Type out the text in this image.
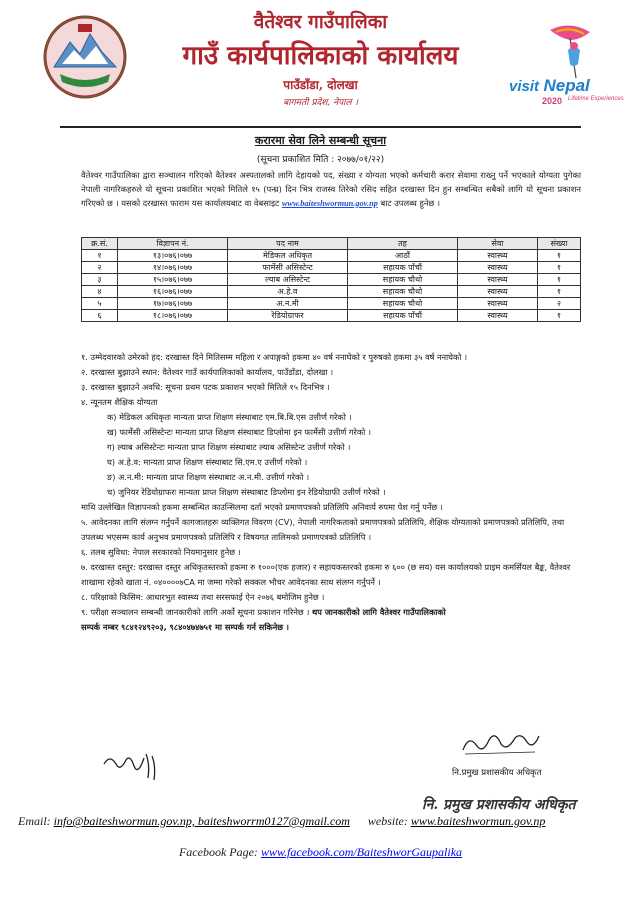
वैतेश्वर गाउँपालिका
गाउँ कार्यपालिकाको कार्यालय
पाउँडाँडा, दोलखा
बागमती प्रदेश, नेपाल ।
visit Nepal
2020 Lifetime Experiences
करारमा सेवा लिने सम्बन्धी सूचना
(सूचना प्रकाशित मिति : २०७७/०१/२२)
वैतेश्वर गाउँपालिका द्वारा सञ्चालन गरिएको वैतेश्वर अस्पतालको लागि देहायको पद, संख्या र योग्यता भएको कर्मचारी करार सेवामा राख्नु पर्ने भएकाले योग्यता पुगेका नेपाली नागरिकहरुले यो सूचना प्रकाशित भएको मितिले १५ (पन्ध्र) दिन भित्र राजस्व तिरेको रसिद सहित दरखास्त दिन हुन सम्बन्धित सबैको लागि यो सूचना प्रकाशन गरिएको छ । यसको दरखास्त फाराम यस कार्यालयबाट वा वेबसाइट www.baiteshwormun.gov.np बाट उपलब्ध हुनेछ ।
क्र.सं.	विज्ञापन नं.	पद नाम	तह	सेवा	संख्या
१	१३।०७६।०७७	मेडिकल अधिकृत	आठौं	स्वास्थ्य	१
२	१४।०७६।०७७	फार्मेसी असिस्टेन्ट	सहायक पाँचौं	स्वास्थ्य	१
३	१५।०७६।०७७	ल्याब असिस्टेन्ट	सहायक चौथो	स्वास्थ्य	१
४	१६।०७६।०७७	अ.हे.व	सहायक चौथो	स्वास्थ्य	१
५	१७।०७६।०७७	अ.न.मी	सहायक चौथो	स्वास्थ्य	२
६	१८।०७६।०७७	रेडियोग्राफर	सहायक पाँचौं	स्वास्थ्य	१

१. उम्मेदवारको उमेरको हद: दरखास्त दिने मितिसम्म महिला र अपाङ्गको हकमा ४० वर्ष ननाघेको र पुरुषको हकमा ३५ वर्ष ननाघेको ।

२. दरखास्त बुझाउने स्थान: वैतेश्वर गाउँ कार्यपालिकाको कार्यालय, पाउँडाँडा, दोलखा ।

३. दरखास्त बुझाउने अवधि: सूचना प्रथम पटक प्रकाशन भएको मितिले १५ दिनभित्र ।

४. न्यूनतम शैक्षिक योग्यता

क) मेडिकल अधिकृतः मान्यता प्राप्त शिक्षण संस्थाबाट एम.बि.बि.एस उत्तीर्ण गरेको ।

ख) फार्मेसी असिस्टेन्टः मान्यता प्राप्त शिक्षण संस्थाबाट डिप्लोमा इन फार्मेसी उत्तीर्ण गरेको ।

ग) ल्याब असिस्टेन्टः मान्यता प्राप्त शिक्षण संस्थाबाट ल्याब असिस्टेन्ट उत्तीर्ण गरेको ।

घ) अ.हे.व: मान्यता प्राप्त शिक्षण संस्थाबाट सि.एम.ए उत्तीर्ण गरेको ।

ङ) अ.न.मी: मान्यता प्राप्त शिक्षण संस्थाबाट अ.न.मी. उत्तीर्ण गरेको ।

च) जुनियर रेडियोग्राफरः मान्यता प्राप्त शिक्षण संस्थाबाट डिप्लोमा इन रेडियोग्राफी उत्तीर्ण गरेको ।

माथि उल्लेखित विज्ञापनको हकमा सम्बन्धित काउन्सिलमा दर्ता भएको प्रमाणपत्रको प्रतिलिपि अनिवार्य रुपमा पेश गर्नु पर्नेछ ।

५. आवेदनका लागि संलग्न गर्नुपर्ने कागजातहरुः व्यक्तिगत विवरण (CV), नेपाली नागरिकताको प्रमाणपत्रको प्रतिलिपि, शैक्षिक योग्यताको प्रमाणपत्रको प्रतिलिपि, तथा उपलब्ध भएसम्म कार्य अनुभव प्रमाणपत्रको प्रतिलिपि र विषयगत तालिमको प्रमाणपत्रको प्रतिलिपि ।

६. तलब सुविधा: नेपाल सरकारको नियमानुसार हुनेछ ।

७. दरखास्त दस्तुर: दरखास्त दस्तुर अधिकृतस्तरको हकमा रु १०००(एक हजार) र सहायकस्तरको हकमा रु ६०० (छ सय) यस कार्यालयको प्राइम कमर्सियल बैङ्क, वैतेश्वर शाखामा रहेको खाता नं. ०४००००७CA मा जम्मा गरेको सक्कल भौचर आवेदनका साथ संलग्न गर्नुपर्ने ।

८. परिक्षाको किसिम: आधारभुत स्वास्थ्य तथा सरसफाई ऐन २०७६ बमोजिम हुनेछ ।

९. परीक्षा सञ्चालन सम्बन्धी जानकारीको लागि अर्को सूचना प्रकाशन गरिनेछ । थप जानकारीको लागि वैतेश्वर गाउँपालिकाको

सम्पर्क नम्बर ९८४१२४९२०३, ९८४०४७४७५१ मा सम्पर्क गर्न सकिनेछ ।

नि.प्रमुख प्रशासकीय अधिकृत
नि. प्रमुख प्रशासकीय अधिकृत
Email: info@baiteshwormun.gov.np, baiteshworrm0127@gmail.com website: www.baiteshwormun.gov.np
Facebook Page: www.facebook.com/BaiteshworGaupalika
